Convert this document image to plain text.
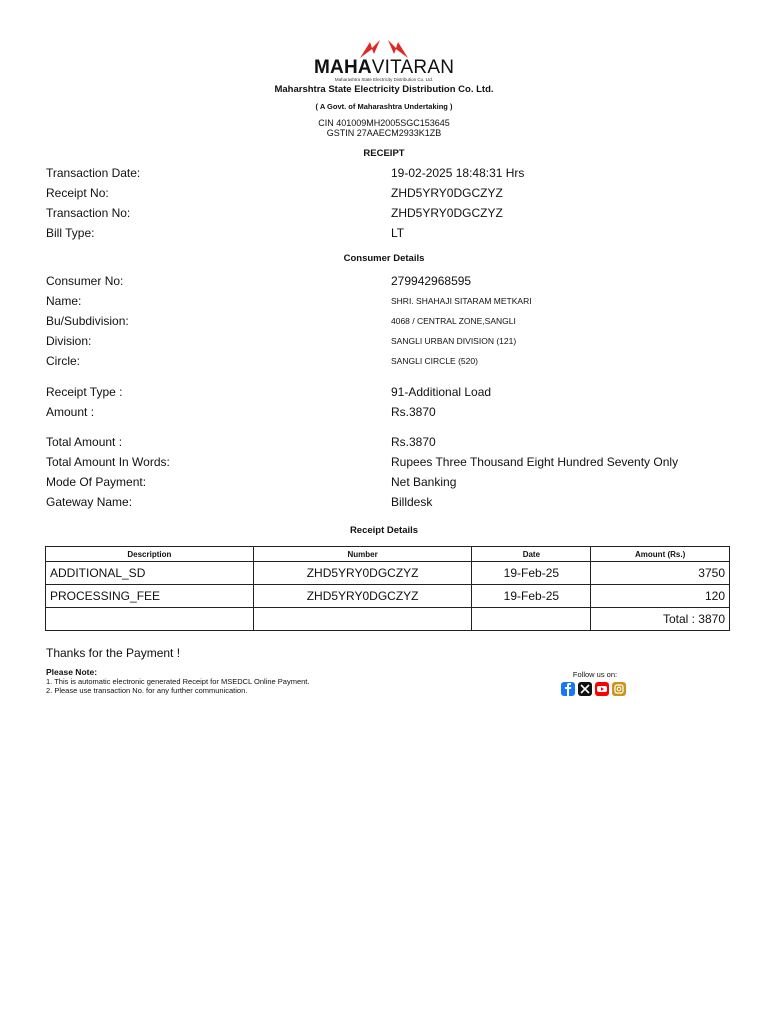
MAHAVITARAN
Maharashtra State Electricity Distribution Co. Ltd.
Maharshtra State Electricity Distribution Co. Ltd.
( A Govt. of Maharashtra Undertaking )
CIN 401009MH2005SGC153645
GSTIN 27AAECM2933K1ZB
RECEIPT
Transaction Date:	19-02-2025 18:48:31 Hrs
Receipt No:	ZHD5YRY0DGCZYZ
Transaction No:	ZHD5YRY0DGCZYZ
Bill Type:	LT
Consumer Details
Consumer No:	279942968595
Name:	SHRI. SHAHAJI SITARAM METKARI
Bu/Subdivision:	4068 / CENTRAL ZONE,SANGLI
Division:	SANGLI URBAN DIVISION (121)
Circle:	SANGLI CIRCLE (520)
Receipt Type :	91-Additional Load
Amount :	Rs.3870
Total Amount :	Rs.3870
Total Amount In Words:	Rupees Three Thousand Eight Hundred Seventy Only
Mode Of Payment:	Net Banking
Gateway Name:	Billdesk
Receipt Details
Description	Number	Date	Amount (Rs.)
ADDITIONAL_SD	ZHD5YRY0DGCZYZ	19-Feb-25	3750
PROCESSING_FEE	ZHD5YRY0DGCZYZ	19-Feb-25	120
			Total : 3870
Thanks for the Payment !
Please Note:
1. This is automatic electronic generated Receipt for MSEDCL Online Payment.
2. Please use transaction No. for any further communication.
Follow us on:
